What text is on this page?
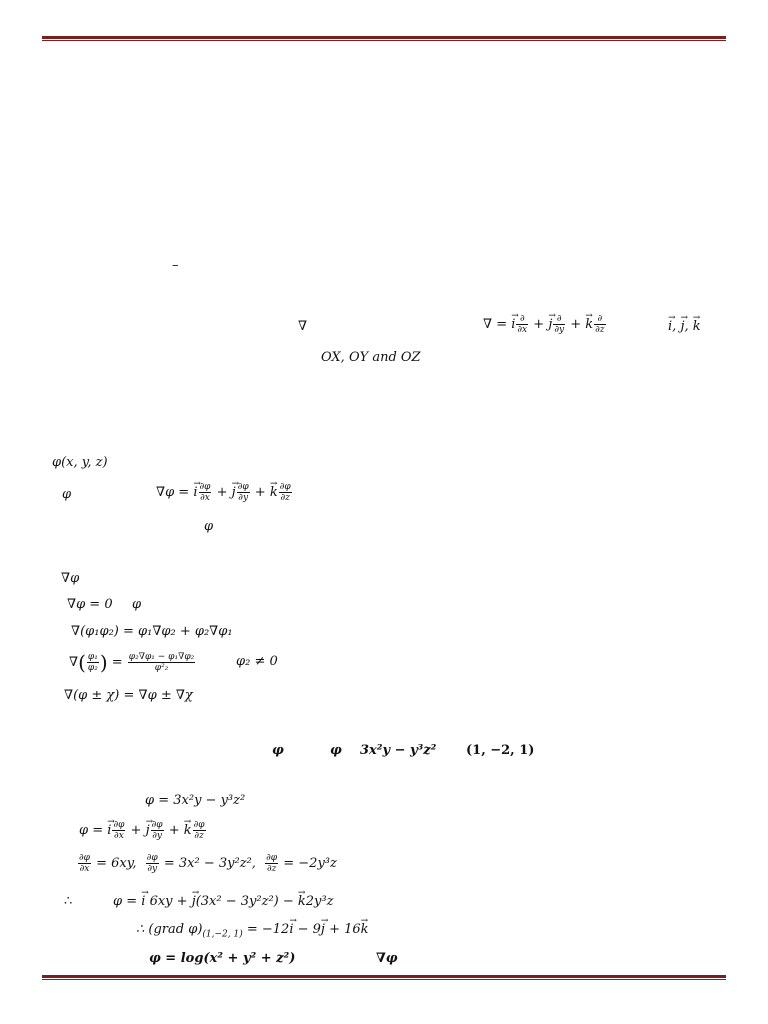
–
∇	∇ = → i $\frac{\partial}{\partial x}$ + → j $\frac{\partial}{\partial y}$ + → k $\frac{\partial}{\partial z}$
→	i, → j, → k
OX, OY and OZ
φ(x, y, z)
φ	∇φ = → i $\frac{\partial\varphi}{\partial x}$ + → j $\frac{\partial\varphi}{\partial y}$ + → k $\frac{\partial\varphi}{\partial z}$
φ
∇φ
∇φ = 0 φ
∇(φ₁φ₂) = φ₁∇φ₂ + φ₂∇φ₁
∇( $\frac{\text{φ₁}}{\text{φ₂}}$ ) = $\frac{\text{φ₂∇φ₁ − φ₁∇φ₂}}{\text{φ²₂}}$	φ₂ ≠ 0
∇(φ ± χ) = ∇φ ± ∇χ
φ	φ 3x²y − y³z² (1, −2, 1)
φ = 3x²y − y³z²
φ = → i $\frac{\partial\varphi}{\partial x}$ + → j $\frac{\partial\varphi}{\partial y}$ + → k $\frac{\partial\varphi}{\partial z}$
$\frac{\partial\varphi}{\partial x} = 6xy$, $\frac{\partial\varphi}{\partial y} = 3x^2 - 3y^2z^2$, $\frac{\partial\varphi}{\partial z} = -2y^3z$
∴	φ = → i 6xy + → j(3x² − 3y²z²) − → k2y³z
∴ (grad $\varphi)_{(1,-2, 1)} = -12\to i - 9\to j + 16\to k$
φ = log(x² + y² + z²)	∇φ
